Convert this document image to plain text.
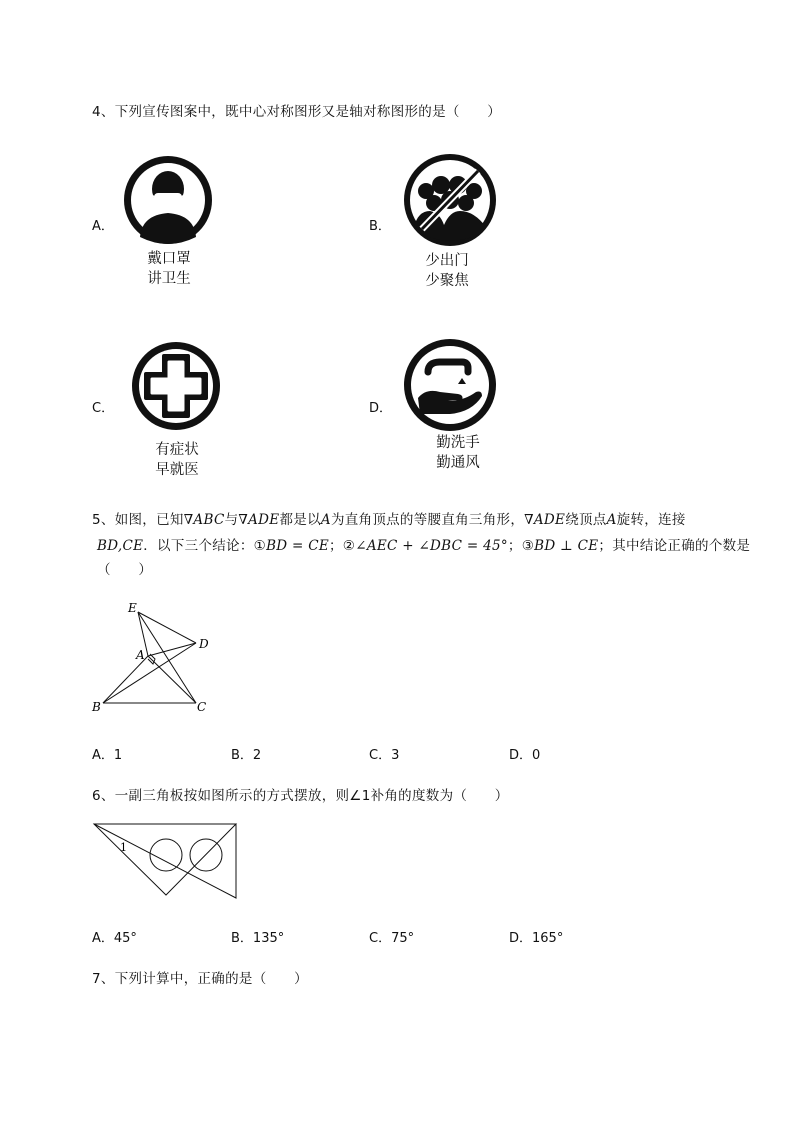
4、下列宣传图案中，既中心对称图形又是轴对称图形的是（　　）
A．
戴口罩
讲卫生
B．
少出门
少聚焦
C．
有症状
早就医
D．
勤洗手
勤通风
5、如图，已知∇ABC与∇ADE都是以A为直角顶点的等腰直角三角形，∇ADE绕顶点A旋转，连接
BD,CE．以下三个结论：①BD = CE；②∠AEC + ∠DBC = 45°；③BD ⊥ CE；其中结论正确的个数是
（　　）
E
D
A
B	C
A．1	B．2	C．3	D．0
6、一副三角板按如图所示的方式摆放，则∠1补角的度数为（　　）
1
A．45°	B．135°	C．75°	D．165°
7、下列计算中，正确的是（　　）
